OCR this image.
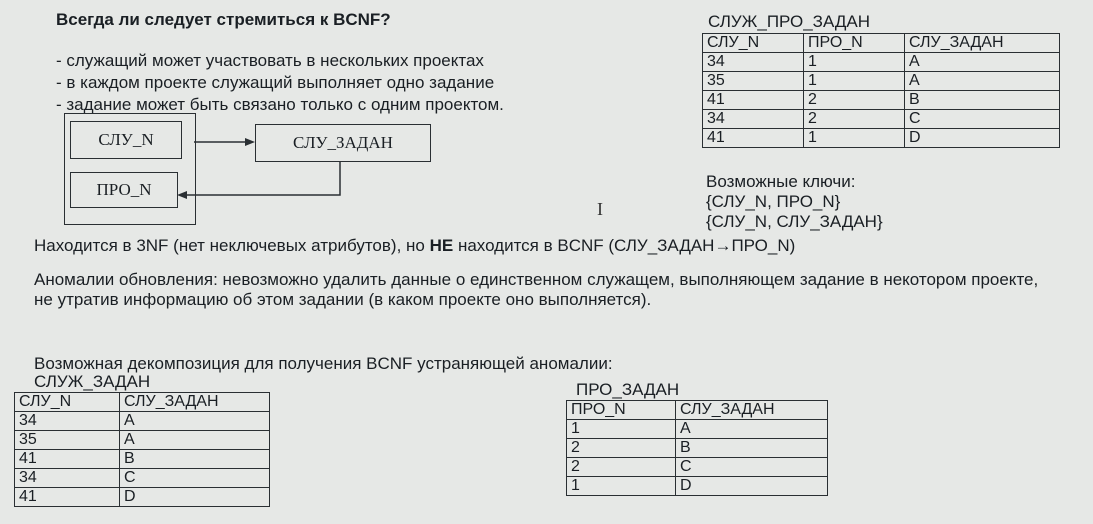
Всегда ли следует стремиться к BCNF?
- служащий может участвовать в нескольких проектах
- в каждом проекте служащий выполняет одно задание
- задание может быть связано только с одним проектом.
СЛУ_N
ПРО_N
СЛУ_ЗАДАН
СЛУЖ_ПРО_ЗАДАН
СЛУ_N	ПРО_N	СЛУ_ЗАДАН
34	1	A
35	1	A
41	2	B
34	2	C
41	1	D
Возможные ключи:
{СЛУ_N, ПРО_N}
{СЛУ_N, СЛУ_ЗАДАН}
I
Находится в 3NF (нет неключевых атрибутов), но НЕ находится в BCNF (СЛУ_ЗАДАН→ПРО_N)
Аномалии обновления: невозможно удалить данные о единственном служащем, выполняющем задание в некотором проекте, не утратив информацию об этом задании (в каком проекте оно выполняется).
Возможная декомпозиция для получения BCNF устраняющей аномалии:
СЛУЖ_ЗАДАН
СЛУ_N	СЛУ_ЗАДАН
34	A
35	A
41	B
34	C
41	D
ПРО_ЗАДАН
ПРО_N	СЛУ_ЗАДАН
1	A
2	B
2	C
1	D
